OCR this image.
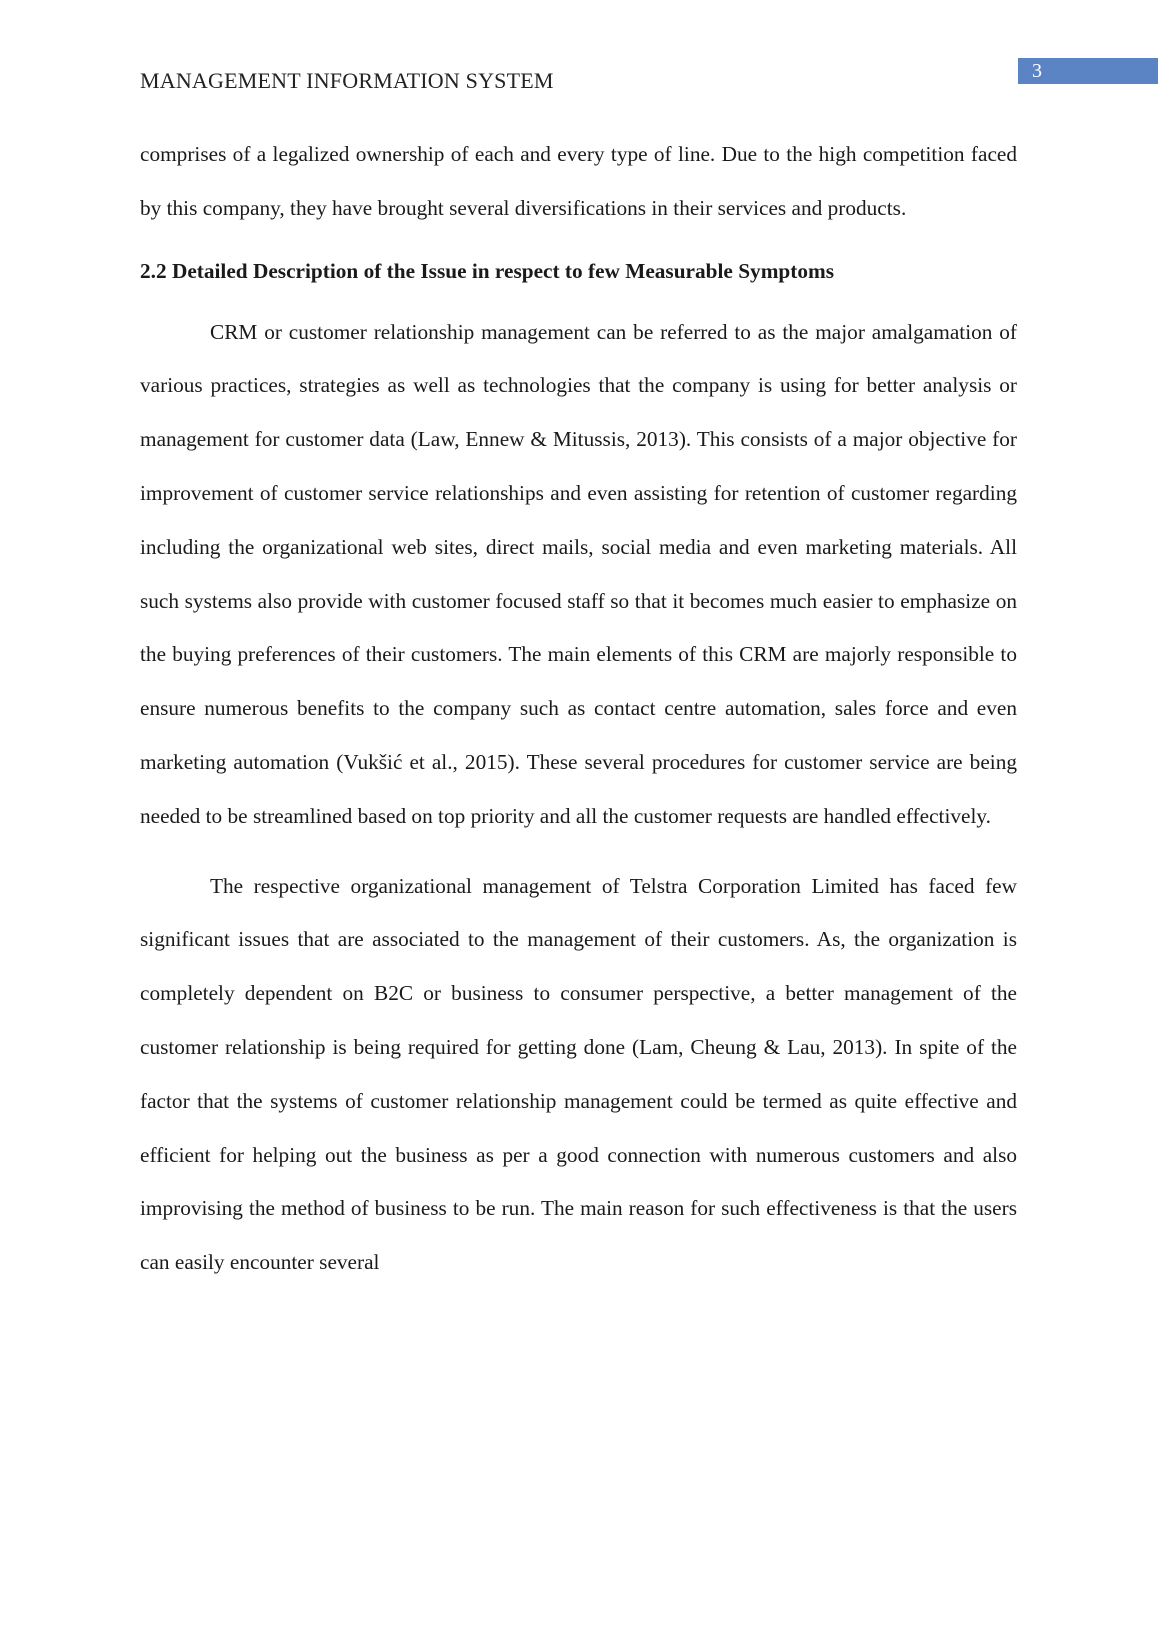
MANAGEMENT INFORMATION SYSTEM	3

comprises of a legalized ownership of each and every type of line. Due to the high competition faced by this company, they have brought several diversifications in their services and products.

2.2 Detailed Description of the Issue in respect to few Measurable Symptoms

CRM or customer relationship management can be referred to as the major amalgamation of various practices, strategies as well as technologies that the company is using for better analysis or management for customer data (Law, Ennew & Mitussis, 2013). This consists of a major objective for improvement of customer service relationships and even assisting for retention of customer regarding including the organizational web sites, direct mails, social media and even marketing materials. All such systems also provide with customer focused staff so that it becomes much easier to emphasize on the buying preferences of their customers. The main elements of this CRM are majorly responsible to ensure numerous benefits to the company such as contact centre automation, sales force and even marketing automation (Vukšić et al., 2015). These several procedures for customer service are being needed to be streamlined based on top priority and all the customer requests are handled effectively.

The respective organizational management of Telstra Corporation Limited has faced few significant issues that are associated to the management of their customers. As, the organization is completely dependent on B2C or business to consumer perspective, a better management of the customer relationship is being required for getting done (Lam, Cheung & Lau, 2013). In spite of the factor that the systems of customer relationship management could be termed as quite effective and efficient for helping out the business as per a good connection with numerous customers and also improvising the method of business to be run. The main reason for such effectiveness is that the users can easily encounter several
